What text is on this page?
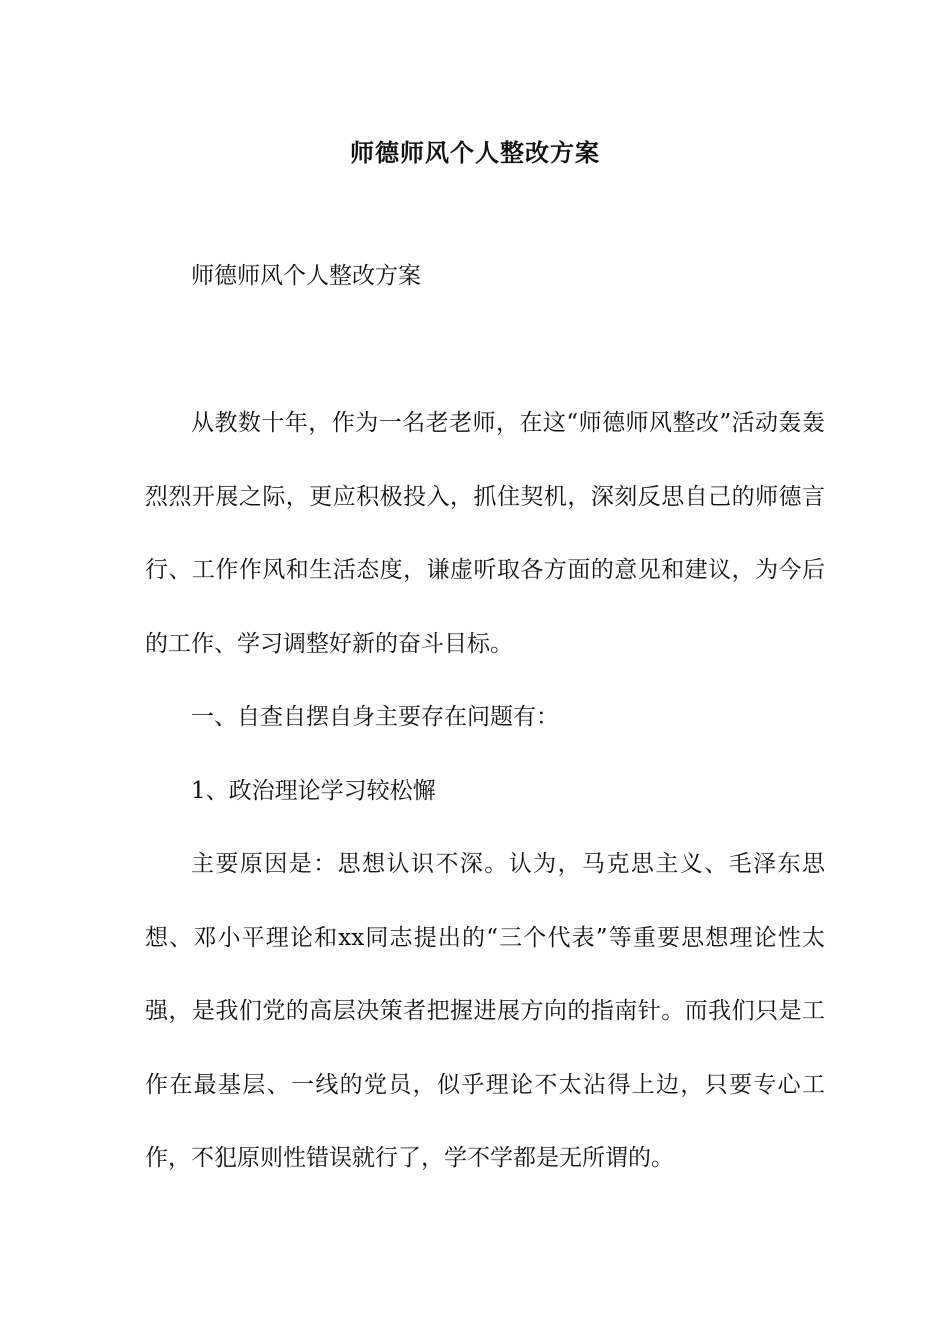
师德师风个人整改方案

师德师风个人整改方案

从教数十年，作为一名老老师，在这“师德师风整改”活动轰轰烈烈开展之际，更应积极投入，抓住契机，深刻反思自己的师德言行、工作作风和生活态度，谦虚听取各方面的意见和建议，为今后的工作、学习调整好新的奋斗目标。

一、自查自摆自身主要存在问题有：

1、政治理论学习较松懈

主要原因是：思想认识不深。认为，马克思主义、毛泽东思想、邓小平理论和xx同志提出的“三个代表”等重要思想理论性太强，是我们党的高层决策者把握进展方向的指南针。而我们只是工作在最基层、一线的党员，似乎理论不太沾得上边，只要专心工作，不犯原则性错误就行了，学不学都是无所谓的。
